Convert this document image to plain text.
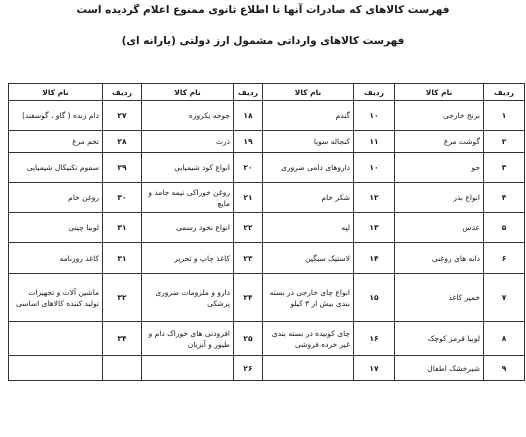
فهرست کالاهای که صادرات آنها تا اطلاع ثانوی ممنوع اعلام گردیده است
فهرست کالاهای وارداتی مشمول ارز دولتی (یارانه ای)
ردیف	نام کالا	ردیف	نام کالا	ردیف	نام کالا	ردیف	نام کالا
۱	برنج خارجی	۱۰	گندم	۱۸	جوجه یکروزه	۲۷	دام زنده ( گاو ، گوسفند)
۲	گوشت مرغ	۱۱	کنجاله سویا	۱۹	ذرت	۲۸	تخم مرغ
۳	جو	۱۰	داروهای دامی ضروری	۲۰	انواع کود شیمیایی	۲۹	سموم تکنیکال شیمیایی
۴	انواع بذر	۱۲	شکر خام	۲۱	روغن خوراکی نیمه جامد و مایع	۳۰	روغن خام
۵	عدس	۱۳	لپه	۲۲	انواع نخود رسمی	۳۱	لوبیا چیتی
۶	دانه های روغنی	۱۴	لاستیک سنگین	۲۳	کاغذ چاپ و تحریر	۳۱	کاغذ روزنامه
۷	خمیر کاغذ	۱۵	انواع چای خارجی در بسته بندی بیش از ۳ کیلو	۲۴	دارو و ملزومات ضروری پزشکی	۳۲	ماشین آلات و تجهیزات تولید کننده کالاهای اساسی
۸	لوبیا قرمز کوچک	۱۶	چای کوبیده در بسته بندی غیر خرده فروشی	۲۵	افزودنی های خوراک دام و طیور و آبزیان	۳۴	
۹	شیرخشک اطفال	۱۷		۲۶			
